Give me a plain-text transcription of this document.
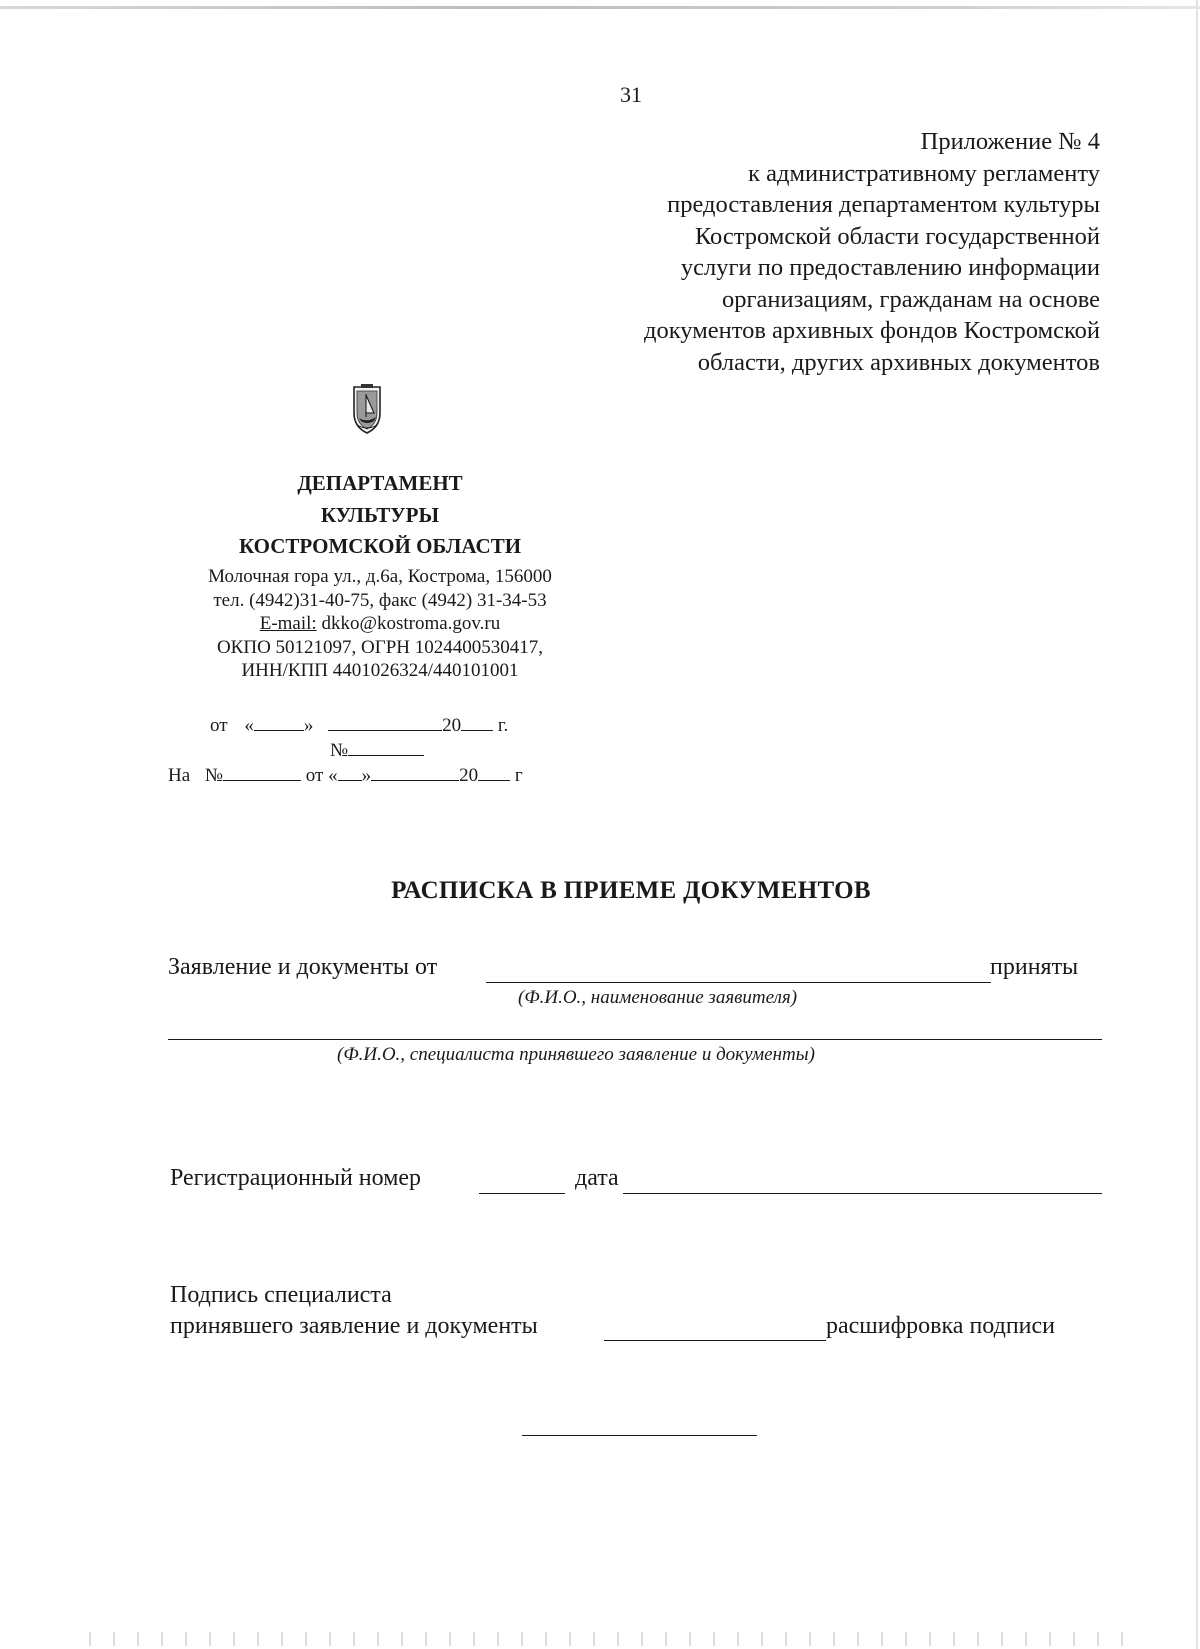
31
Приложение № 4
к административному регламенту
предоставления департаментом культуры
Костромской области государственной
услуги по предоставлению информации
организациям, гражданам на основе
документов архивных фондов Костромской
области, других архивных документов
ДЕПАРТАМЕНТ
КУЛЬТУРЫ
КОСТРОМСКОЙ ОБЛАСТИ
Молочная гора ул., д.6а, Кострома, 156000
тел. (4942)31-40-75, факс (4942) 31-34-53
E-mail: dkko@kostroma.gov.ru
ОКПО 50121097, ОГРН 1024400530417,
ИНН/КПП 4401026324/440101001
от «	»	20 г.
№
На №	от « »	20 г
РАСПИСКА В ПРИЕМЕ ДОКУМЕНТОВ
Заявление и документы от	приняты
(Ф.И.О., наименование заявителя)
(Ф.И.О., специалиста принявшего заявление и документы)
Регистрационный номер	дата
Подпись специалиста
принявшего заявление и документы	расшифровка подписи
